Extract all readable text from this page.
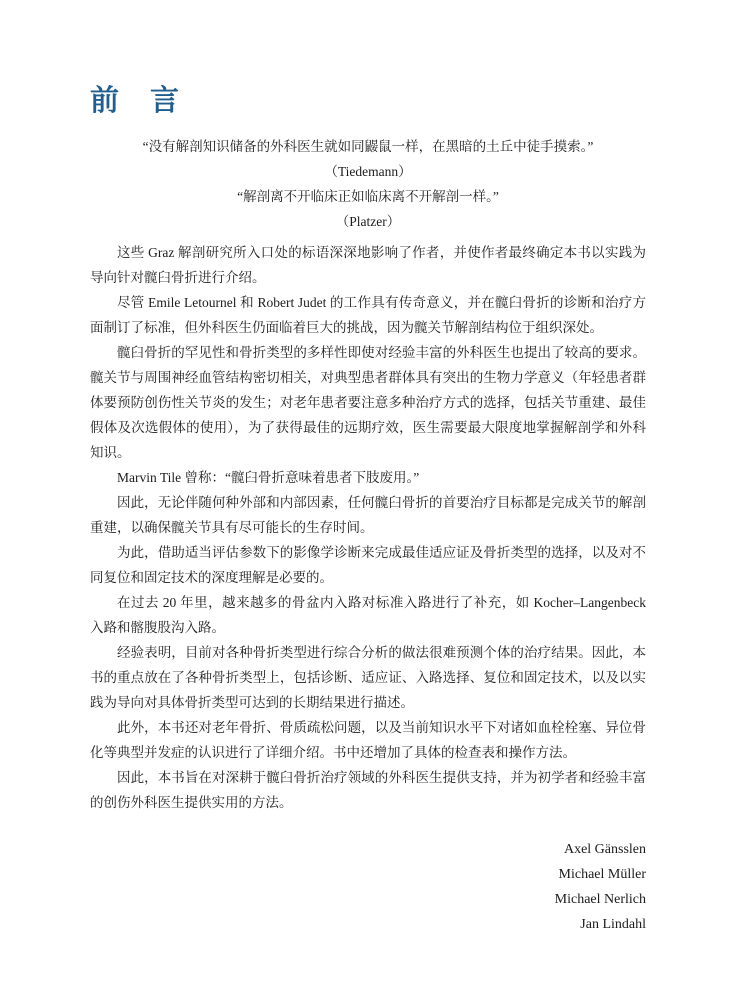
前　言
“没有解剖知识储备的外科医生就如同鼹鼠一样，在黑暗的土丘中徒手摸索。”
（Tiedemann）
“解剖离不开临床正如临床离不开解剖一样。”
（Platzer）

这些 Graz 解剖研究所入口处的标语深深地影响了作者，并使作者最终确定本书以实践为导向针对髋臼骨折进行介绍。

尽管 Emile Letournel 和 Robert Judet 的工作具有传奇意义，并在髋臼骨折的诊断和治疗方面制订了标准，但外科医生仍面临着巨大的挑战，因为髋关节解剖结构位于组织深处。

髋臼骨折的罕见性和骨折类型的多样性即使对经验丰富的外科医生也提出了较高的要求。髋关节与周围神经血管结构密切相关，对典型患者群体具有突出的生物力学意义（年轻患者群体要预防创伤性关节炎的发生；对老年患者要注意多种治疗方式的选择，包括关节重建、最佳假体及次选假体的使用），为了获得最佳的远期疗效，医生需要最大限度地掌握解剖学和外科知识。

Marvin Tile 曾称：“髋臼骨折意味着患者下肢废用。”

因此，无论伴随何种外部和内部因素，任何髋臼骨折的首要治疗目标都是完成关节的解剖重建，以确保髋关节具有尽可能长的生存时间。

为此，借助适当评估参数下的影像学诊断来完成最佳适应证及骨折类型的选择，以及对不同复位和固定技术的深度理解是必要的。

在过去 20 年里，越来越多的骨盆内入路对标准入路进行了补充，如 Kocher–Langenbeck 入路和髂腹股沟入路。

经验表明，目前对各种骨折类型进行综合分析的做法很难预测个体的治疗结果。因此，本书的重点放在了各种骨折类型上，包括诊断、适应证、入路选择、复位和固定技术，以及以实践为导向对具体骨折类型可达到的长期结果进行描述。

此外，本书还对老年骨折、骨质疏松问题，以及当前知识水平下对诸如血栓栓塞、异位骨化等典型并发症的认识进行了详细介绍。书中还增加了具体的检查表和操作方法。

因此，本书旨在对深耕于髋臼骨折治疗领域的外科医生提供支持，并为初学者和经验丰富的创伤外科医生提供实用的方法。

Axel Gänsslen
Michael Müller
Michael Nerlich
Jan Lindahl
